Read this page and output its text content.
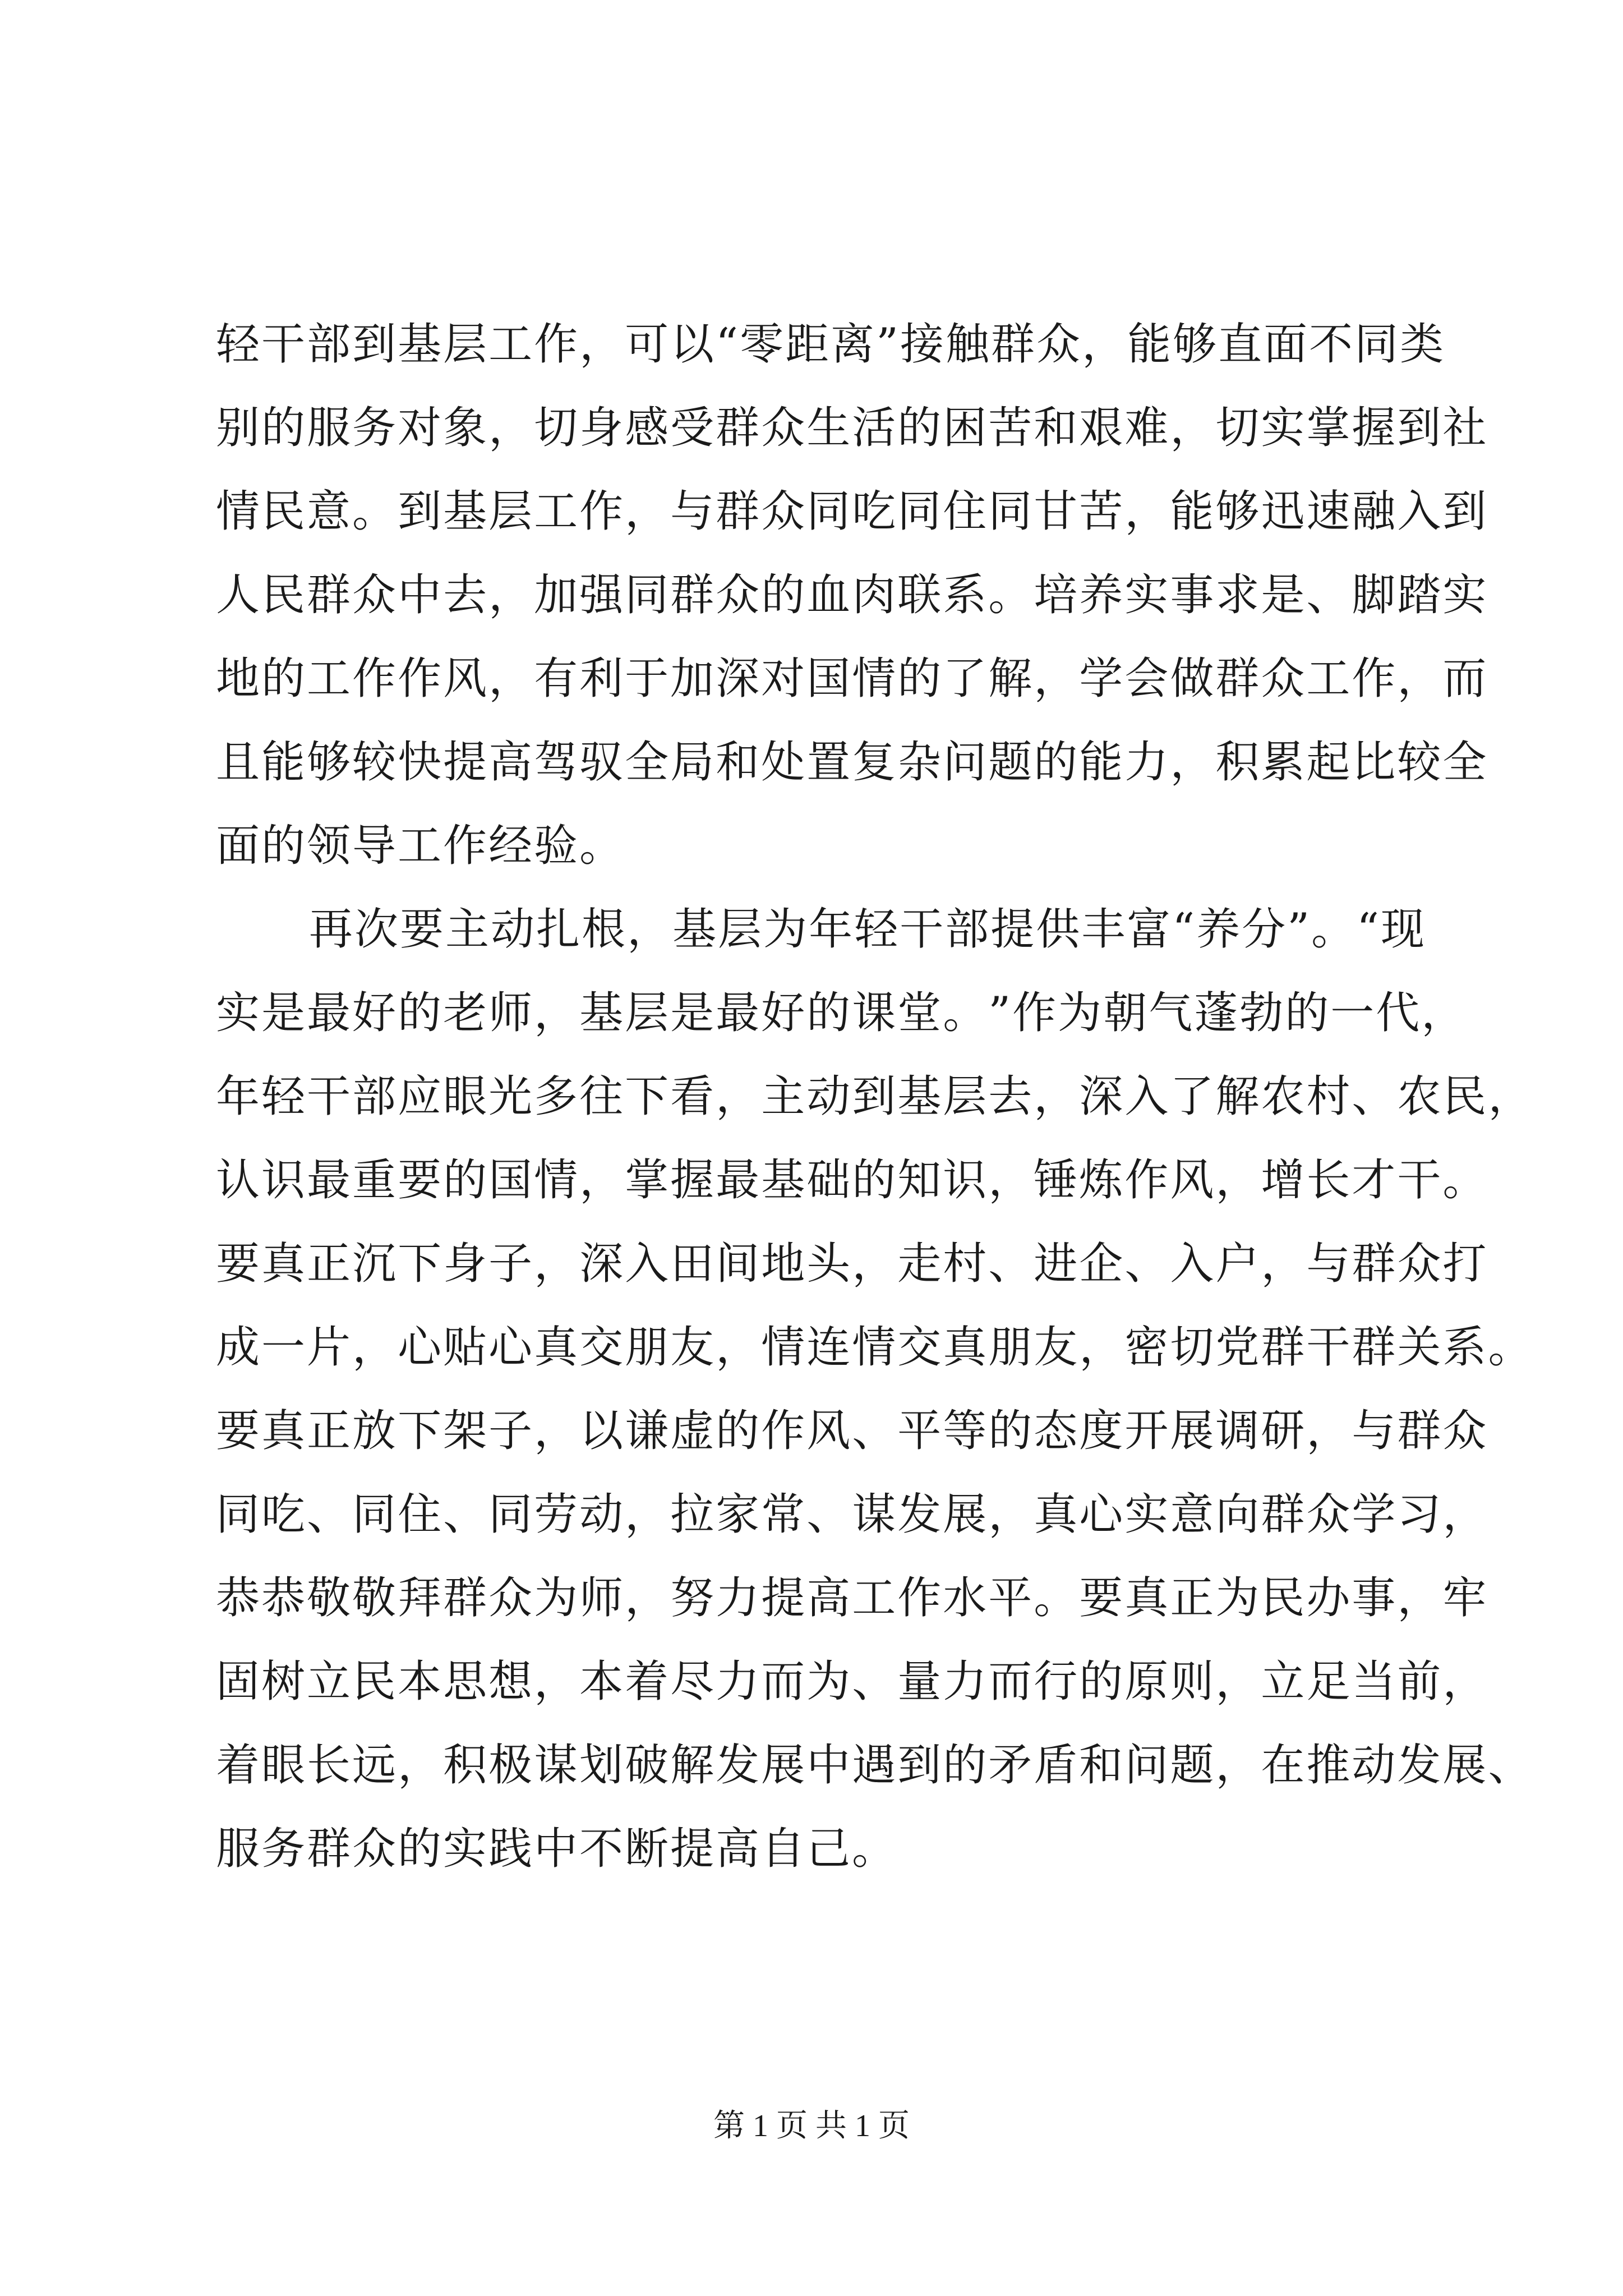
轻 干 部 到 基 层 工 作 ， 可 以 “ 零 距 离 ” 接 触 群 众 ， 能 够 直 面 不 同 类
别 的 服 务 对 象 ， 切 身 感 受 群 众 生 活 的 困 苦 和 艰 难 ， 切 实 掌 握 到 社
情 民 意 。 到 基 层 工 作 ， 与 群 众 同 吃 同 住 同 甘 苦 ， 能 够 迅 速 融 入 到
人 民 群 众 中 去 ， 加 强 同 群 众 的 血 肉 联 系 。 培 养 实 事 求 是 、 脚 踏 实
地 的 工 作 作 风 ， 有 利 于 加 深 对 国 情 的 了 解 ， 学 会 做 群 众 工 作 ， 而
且 能 够 较 快 提 高 驾 驭 全 局 和 处 置 复 杂 问 题 的 能 力 ， 积 累 起 比 较 全
面的领导工作经验。
再 次 要 主 动 扎 根 ， 基 层 为 年 轻 干 部 提 供 丰 富 “ 养 分 ” 。 “ 现
实 是 最 好 的 老 师 ， 基 层 是 最 好 的 课 堂 。 ” 作 为 朝 气 蓬 勃 的 一 代 ，
年 轻 干 部 应 眼 光 多 往 下 看 ， 主 动 到 基 层 去 ， 深 入 了 解 农 村 、 农 民 ，
认 识 最 重 要 的 国 情 ， 掌 握 最 基 础 的 知 识 ， 锤 炼 作 风 ， 增 长 才 干 。
要 真 正 沉 下 身 子 ， 深 入 田 间 地 头 ， 走 村 、 进 企 、 入 户 ， 与 群 众 打
成 一 片 ， 心 贴 心 真 交 朋 友 ， 情 连 情 交 真 朋 友 ， 密 切 党 群 干 群 关 系 。
要 真 正 放 下 架 子 ， 以 谦 虚 的 作 风 、 平 等 的 态 度 开 展 调 研 ， 与 群 众
同 吃 、 同 住 、 同 劳 动 ， 拉 家 常 、 谋 发 展 ， 真 心 实 意 向 群 众 学 习 ，
恭 恭 敬 敬 拜 群 众 为 师 ， 努 力 提 高 工 作 水 平 。 要 真 正 为 民 办 事 ， 牢
固 树 立 民 本 思 想 ， 本 着 尽 力 而 为 、 量 力 而 行 的 原 则 ， 立 足 当 前 ，
着 眼 长 远 ， 积 极 谋 划 破 解 发 展 中 遇 到 的 矛 盾 和 问 题 ， 在 推 动 发 展 、
服务群众的实践中不断提高自己。
第 1 页 共 1 页
